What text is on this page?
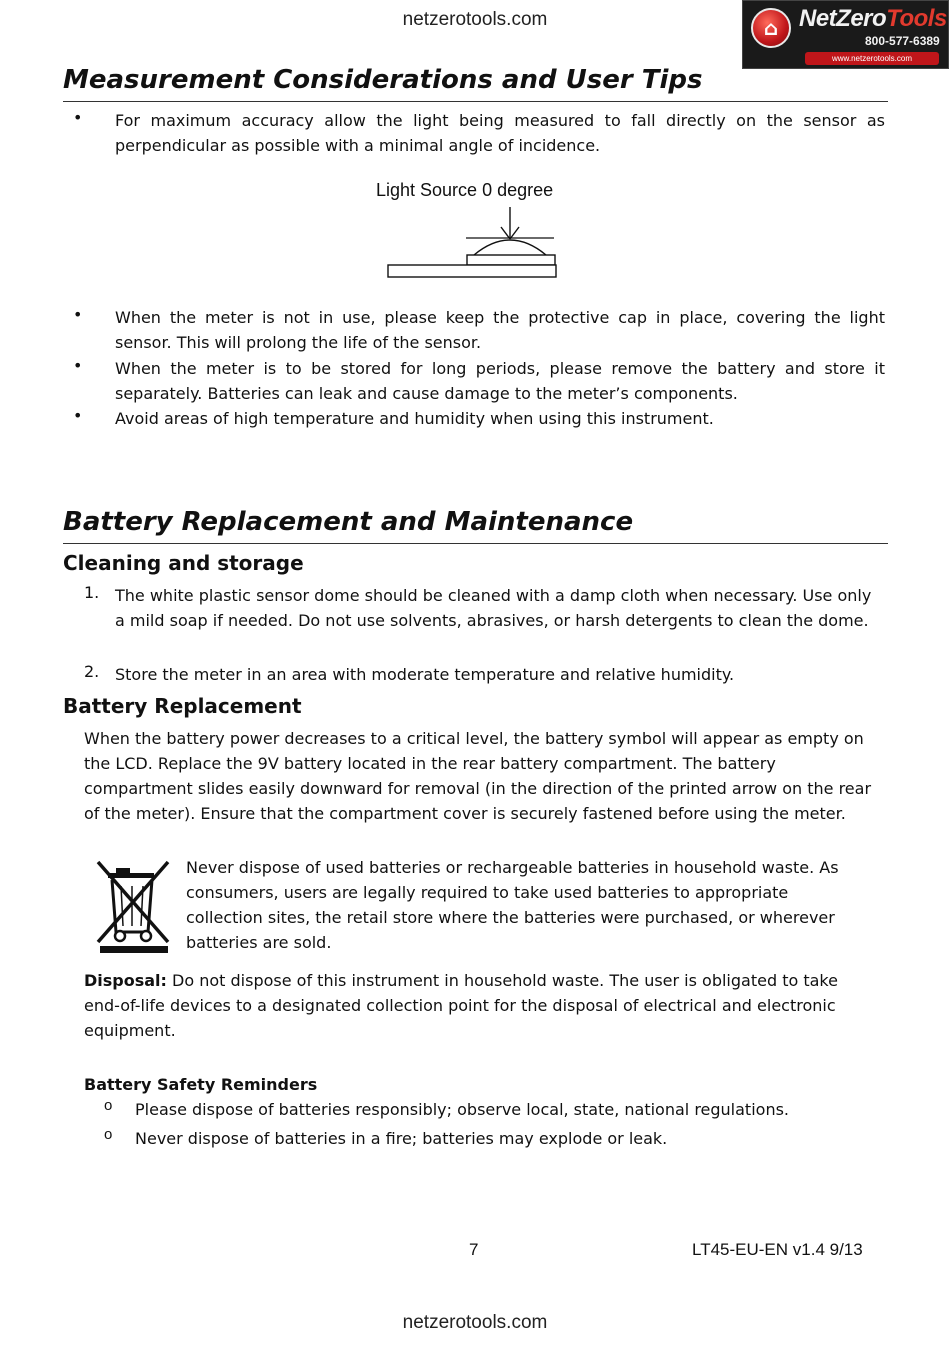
netzerotools.com	⌂ NetZeroTools
800-577-6389
www.netzerotools.com
Measurement Considerations and User Tips
For maximum accuracy allow the light being measured to fall directly on the sensor as perpendicular as possible with a minimal angle of incidence.
•
Light Source 0 degree
• When the meter is not in use, please keep the protective cap in place, covering the light sensor. This will prolong the life of the sensor.
• When the meter is to be stored for long periods, please remove the battery and store it separately. Batteries can leak and cause damage to the meter’s components.
• Avoid areas of high temperature and humidity when using this instrument.
Battery Replacement and Maintenance
Cleaning and storage
1. The white plastic sensor dome should be cleaned with a damp cloth when necessary. Use only a mild soap if needed. Do not use solvents, abrasives, or harsh detergents to clean the dome.
2. Store the meter in an area with moderate temperature and relative humidity.
Battery Replacement
When the battery power decreases to a critical level, the battery symbol will appear as empty on the LCD. Replace the 9V battery located in the rear battery compartment. The battery compartment slides easily downward for removal (in the direction of the printed arrow on the rear of the meter). Ensure that the compartment cover is securely fastened before using the meter.
Never dispose of used batteries or rechargeable batteries in household waste. As consumers, users are legally required to take used batteries to appropriate collection sites, the retail store where the batteries were purchased, or wherever batteries are sold.
Disposal: Do not dispose of this instrument in household waste. The user is obligated to take end-of-life devices to a designated collection point for the disposal of electrical and electronic equipment.
Battery Safety Reminders
o Please dispose of batteries responsibly; observe local, state, national regulations.
o Never dispose of batteries in a fire; batteries may explode or leak.
7	LT45-EU-EN v1.4 9/13
netzerotools.com
